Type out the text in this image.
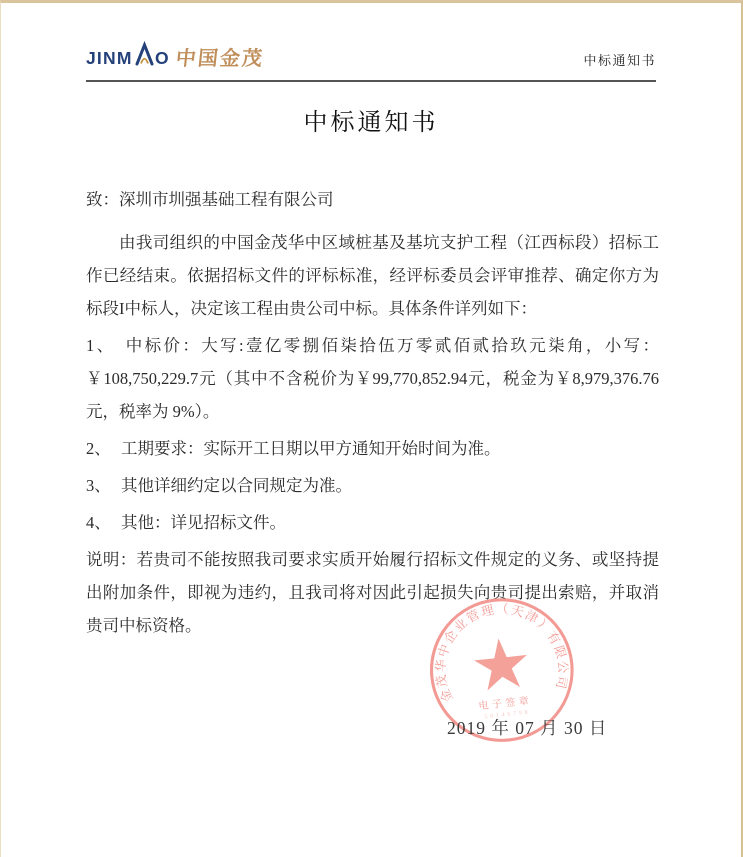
JINM O 中国金茂	中标通知书
中标通知书

致：深圳市圳强基础工程有限公司

由我司组织的中国金茂华中区域桩基及基坑支护工程（江西标段）招标工作已经结束。依据招标文件的评标标准，经评标委员会评审推荐、确定你方为标段I中标人，决定该工程由贵公司中标。具体条件详列如下：

1、 中标价：大写:壹亿零捌佰柒拾伍万零贰佰贰拾玖元柒角，小写：￥108,750,229.7元（其中不含税价为￥99,770,852.94元，税金为￥8,979,376.76元，税率为 9%）。

2、 工期要求：实际开工日期以甲方通知开始时间为准。

3、 其他详细约定以合同规定为准。

4、 其他：详见招标文件。

说明：若贵司不能按照我司要求实质开始履行招标文件规定的义务、或坚持提出附加条件，即视为违约，且我司将对因此引起损失向贵司提出索赔，并取消贵司中标资格。

金茂华中企业管理（天津）有限公司
电子签章
50146798
2019 年 07 月 30 日
